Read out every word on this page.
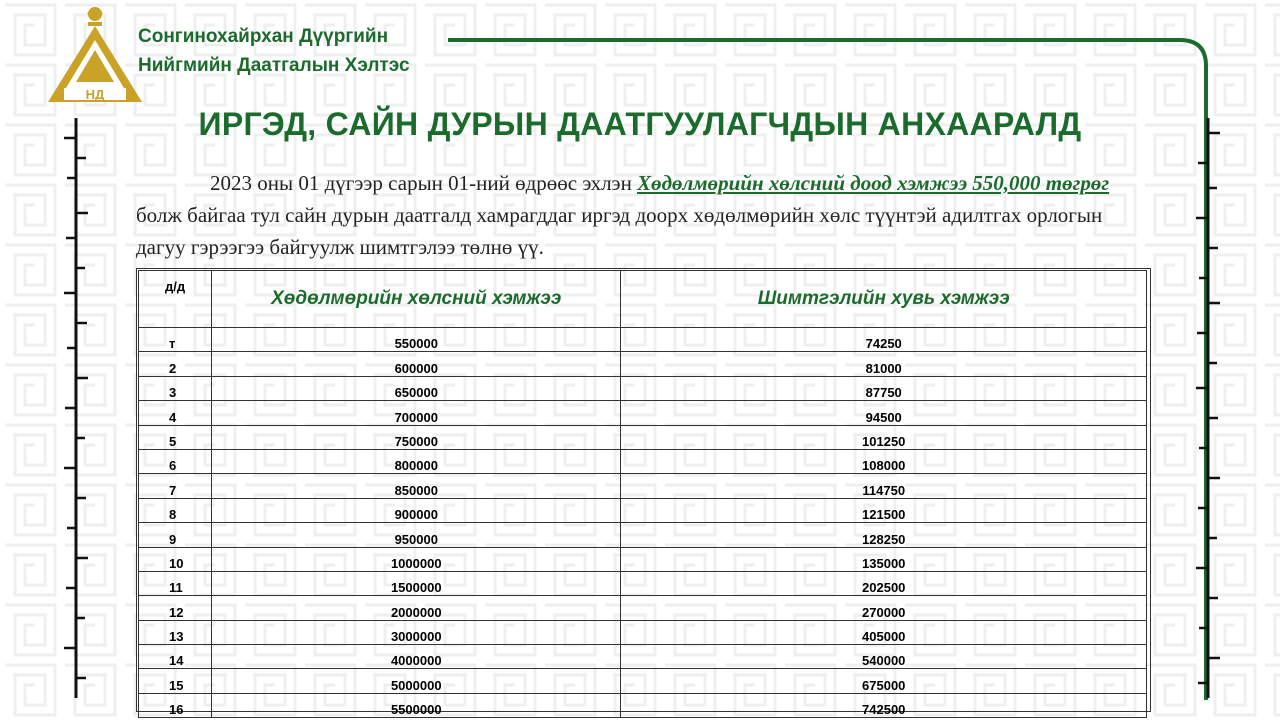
НД
Сонгинохайрхан Дүүргийн
Нийгмийн Даатгалын Хэлтэс
ИРГЭД, САЙН ДУРЫН ДААТГУУЛАГЧДЫН АНХААРАЛД
2023 оны 01 дүгээр сарын 01-ний өдрөөс эхлэн Хөдөлмөрийн хөлсний доод хэмжээ 550,000 төгрөг болж байгаа тул сайн дурын даатгалд хамрагддаг иргэд доорх хөдөлмөрийн хөлс түүнтэй адилтгах орлогын дагуу гэрээгээ байгуулж шимтгэлээ төлнө үү.
д/д	Хөдөлмөрийн хөлсний хэмжээ	Шимтгэлийн хувь хэмжээ
т	550000	74250
2	600000	81000
3	650000	87750
4	700000	94500
5	750000	101250
6	800000	108000
7	850000	114750
8	900000	121500
9	950000	128250
10	1000000	135000
11	1500000	202500
12	2000000	270000
13	3000000	405000
14	4000000	540000
15	5000000	675000
16	5500000	742500
